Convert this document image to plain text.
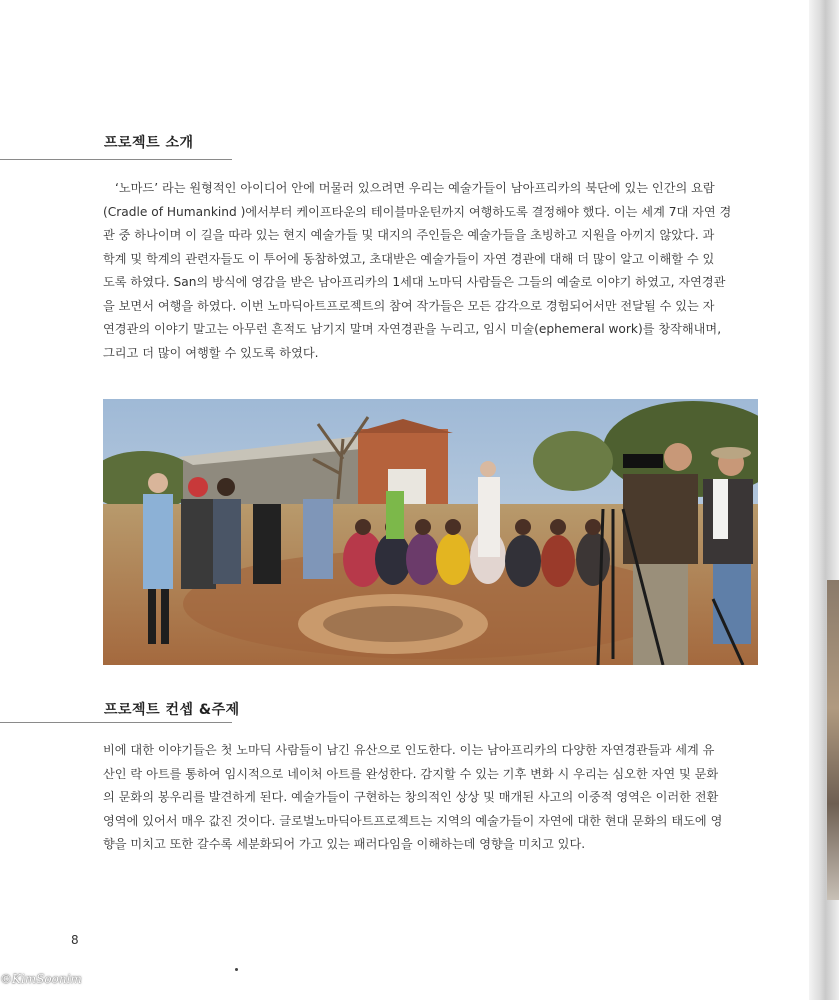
프로젝트 소개
‘노마드’ 라는 원형적인 아이디어 안에 머물러 있으려면 우리는 예술가들이 남아프리카의 북단에 있는 인간의 요람
(Cradle of Humankind )에서부터 케이프타운의 테이블마운틴까지 여행하도록 결정해야 했다. 이는 세계 7대 자연 경
관 중 하나이며 이 길을 따라 있는 현지 예술가들 및 대지의 주인들은 예술가들을 초빙하고 지원을 아끼지 않았다. 과
학계 및 학계의 관련자들도 이 투어에 동참하였고, 초대받은 예술가들이 자연 경관에 대해 더 많이 알고 이해할 수 있
도록 하였다. San의 방식에 영감을 받은 남아프리카의 1세대 노마딕 사람들은 그들의 예술로 이야기 하였고, 자연경관
을 보면서 여행을 하였다. 이번 노마딕아트프로젝트의 참여 작가들은 모든 감각으로 경험되어서만 전달될 수 있는 자
연경관의 이야기 말고는 아무런 흔적도 남기지 말며 자연경관을 누리고, 임시 미술(ephemeral work)를 창작해내며,
그리고 더 많이 여행할 수 있도록 하였다.
프로젝트 컨셉 &주제
비에 대한 이야기들은 첫 노마딕 사람들이 남긴 유산으로 인도한다. 이는 남아프리카의 다양한 자연경관들과 세계 유
산인 락 아트를 통하여 임시적으로 네이처 아트를 완성한다. 감지할 수 있는 기후 변화 시 우리는 심오한 자연 및 문화
의 문화의 봉우리를 발견하게 된다. 예술가들이 구현하는 창의적인 상상 및 매개된 사고의 이중적 영역은 이러한 전환
영역에 있어서 매우 값진 것이다. 글로벌노마딕아트프로젝트는 지역의 예술가들이 자연에 대한 현대 문화의 태도에 영
향을 미치고 또한 갈수록 세분화되어 가고 있는 패러다임을 이해하는데 영향을 미치고 있다.
8
©KimSoonim
